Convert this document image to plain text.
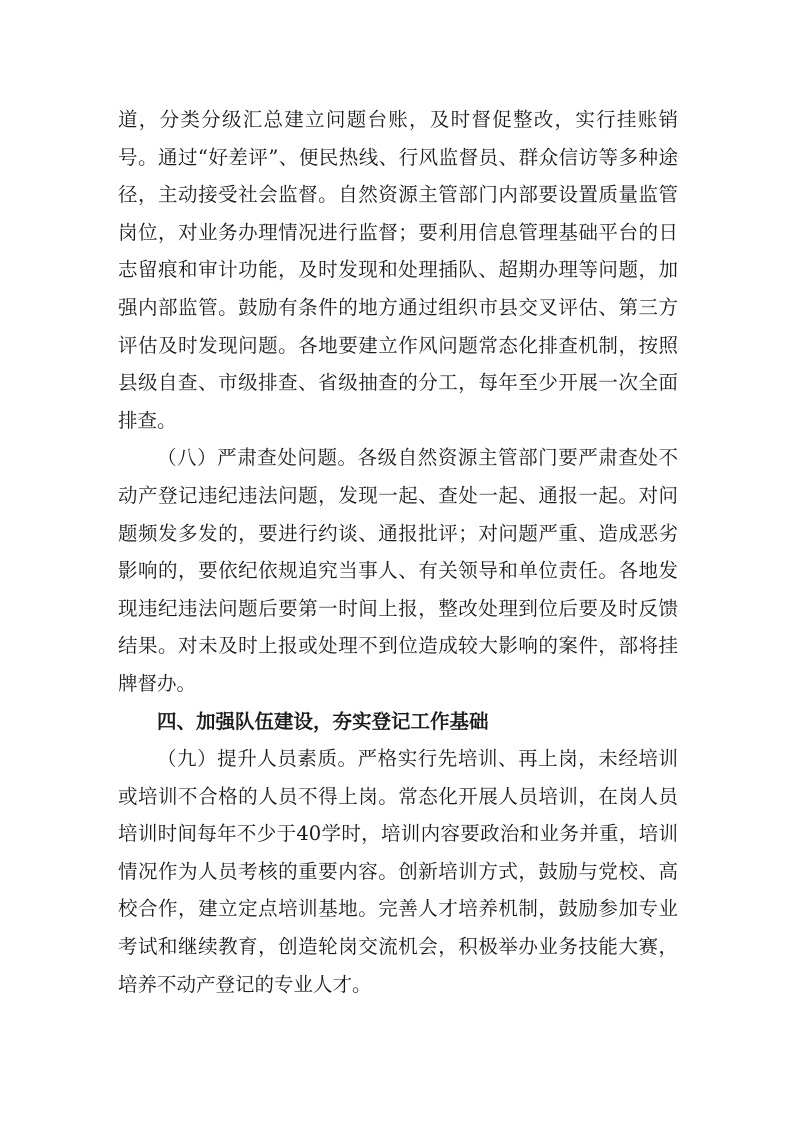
道，分类分级汇总建立问题台账，及时督促整改，实行挂账销号。通过“好差评”、便民热线、行风监督员、群众信访等多种途径，主动接受社会监督。自然资源主管部门内部要设置质量监管岗位，对业务办理情况进行监督；要利用信息管理基础平台的日志留痕和审计功能，及时发现和处理插队、超期办理等问题，加强内部监管。鼓励有条件的地方通过组织市县交叉评估、第三方评估及时发现问题。各地要建立作风问题常态化排查机制，按照县级自查、市级排查、省级抽查的分工，每年至少开展一次全面排查。

（八）严肃查处问题。各级自然资源主管部门要严肃查处不动产登记违纪违法问题，发现一起、查处一起、通报一起。对问题频发多发的，要进行约谈、通报批评；对问题严重、造成恶劣影响的，要依纪依规追究当事人、有关领导和单位责任。各地发现违纪违法问题后要第一时间上报，整改处理到位后要及时反馈结果。对未及时上报或处理不到位造成较大影响的案件，部将挂牌督办。

四、加强队伍建设，夯实登记工作基础

（九）提升人员素质。严格实行先培训、再上岗，未经培训或培训不合格的人员不得上岗。常态化开展人员培训，在岗人员培训时间每年不少于40学时，培训内容要政治和业务并重，培训情况作为人员考核的重要内容。创新培训方式，鼓励与党校、高校合作，建立定点培训基地。完善人才培养机制，鼓励参加专业考试和继续教育，创造轮岗交流机会，积极举办业务技能大赛，培养不动产登记的专业人才。
